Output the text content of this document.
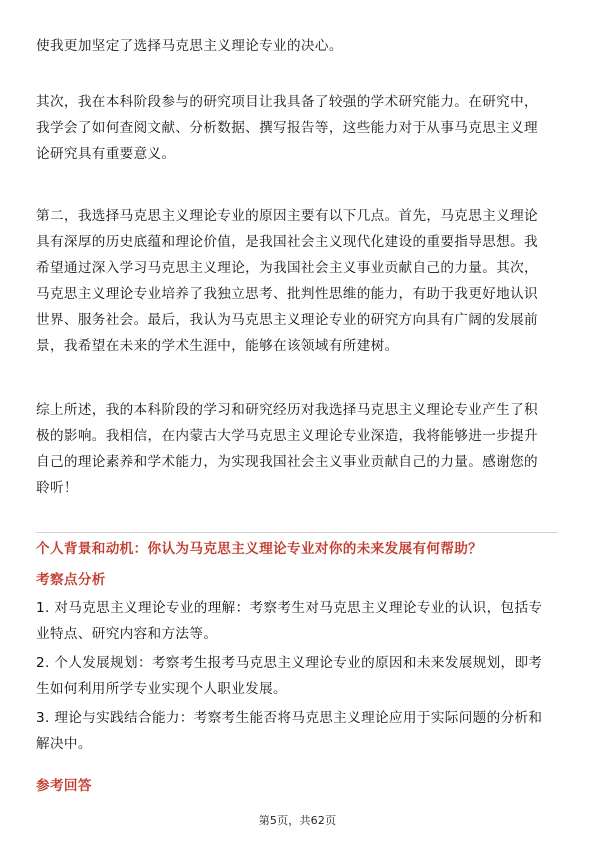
使我更加坚定了选择马克思主义理论专业的决心。
其次，我在本科阶段参与的研究项目让我具备了较强的学术研究能力。在研究中，
我学会了如何查阅文献、分析数据、撰写报告等，这些能力对于从事马克思主义理
论研究具有重要意义。
第二，我选择马克思主义理论专业的原因主要有以下几点。首先，马克思主义理论
具有深厚的历史底蕴和理论价值，是我国社会主义现代化建设的重要指导思想。我
希望通过深入学习马克思主义理论，为我国社会主义事业贡献自己的力量。其次，
马克思主义理论专业培养了我独立思考、批判性思维的能力，有助于我更好地认识
世界、服务社会。最后，我认为马克思主义理论专业的研究方向具有广阔的发展前
景，我希望在未来的学术生涯中，能够在该领域有所建树。
综上所述，我的本科阶段的学习和研究经历对我选择马克思主义理论专业产生了积
极的影响。我相信，在内蒙古大学马克思主义理论专业深造，我将能够进一步提升
自己的理论素养和学术能力，为实现我国社会主义事业贡献自己的力量。感谢您的
聆听！
个人背景和动机：你认为马克思主义理论专业对你的未来发展有何帮助？
考察点分析
1. 对马克思主义理论专业的理解：考察考生对马克思主义理论专业的认识，包括专
业特点、研究内容和方法等。
2. 个人发展规划：考察考生报考马克思主义理论专业的原因和未来发展规划，即考
生如何利用所学专业实现个人职业发展。
3. 理论与实践结合能力：考察考生能否将马克思主义理论应用于实际问题的分析和
解决中。
参考回答
第5页，共62页
